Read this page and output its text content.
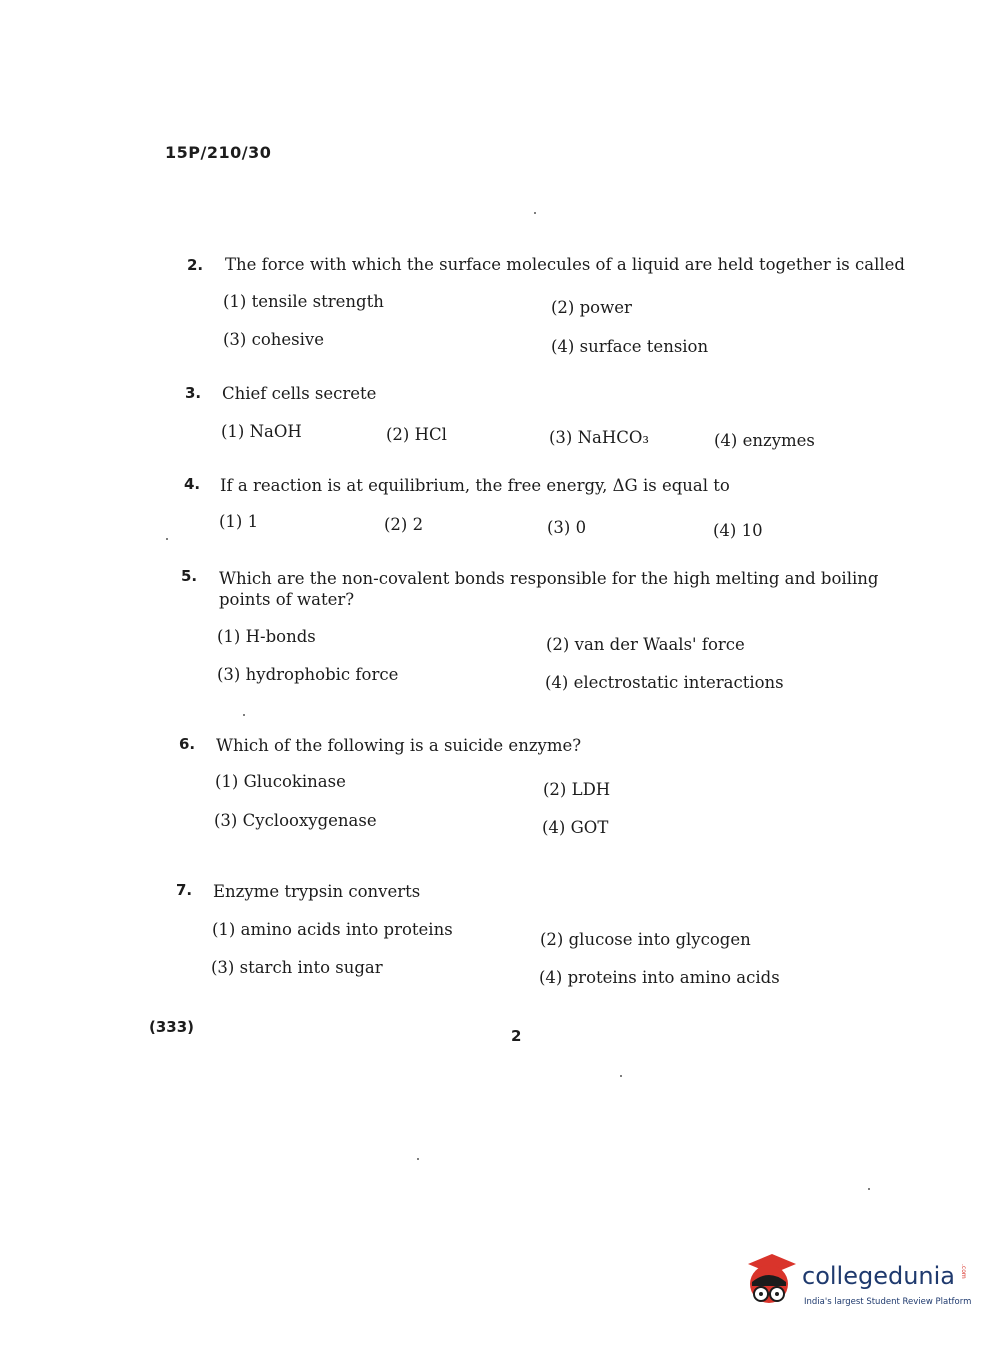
15P/210/30
2. The force with which the surface molecules of a liquid are held together is called
(1) tensile strength	(2) power
(3) cohesive	(4) surface tension
3. Chief cells secrete
(1) NaOH	(2) HCl	(3) NaHCO₃	(4) enzymes
4. If a reaction is at equilibrium, the free energy, ΔG is equal to
(1) 1	(2) 2	(3) 0	(4) 10
5. Which are the non-covalent bonds responsible for the high melting and boiling points of water?
(1) H-bonds	(2) van der Waals' force
(3) hydrophobic force	(4) electrostatic interactions
6. Which of the following is a suicide enzyme?
(1) Glucokinase	(2) LDH
(3) Cyclooxygenase	(4) GOT
7. Enzyme trypsin converts
(1) amino acids into proteins
(2) glucose into glycogen
(3) starch into sugar
(4) proteins into amino acids
(333)	2
collegedunia .com
India's largest Student Review Platform
